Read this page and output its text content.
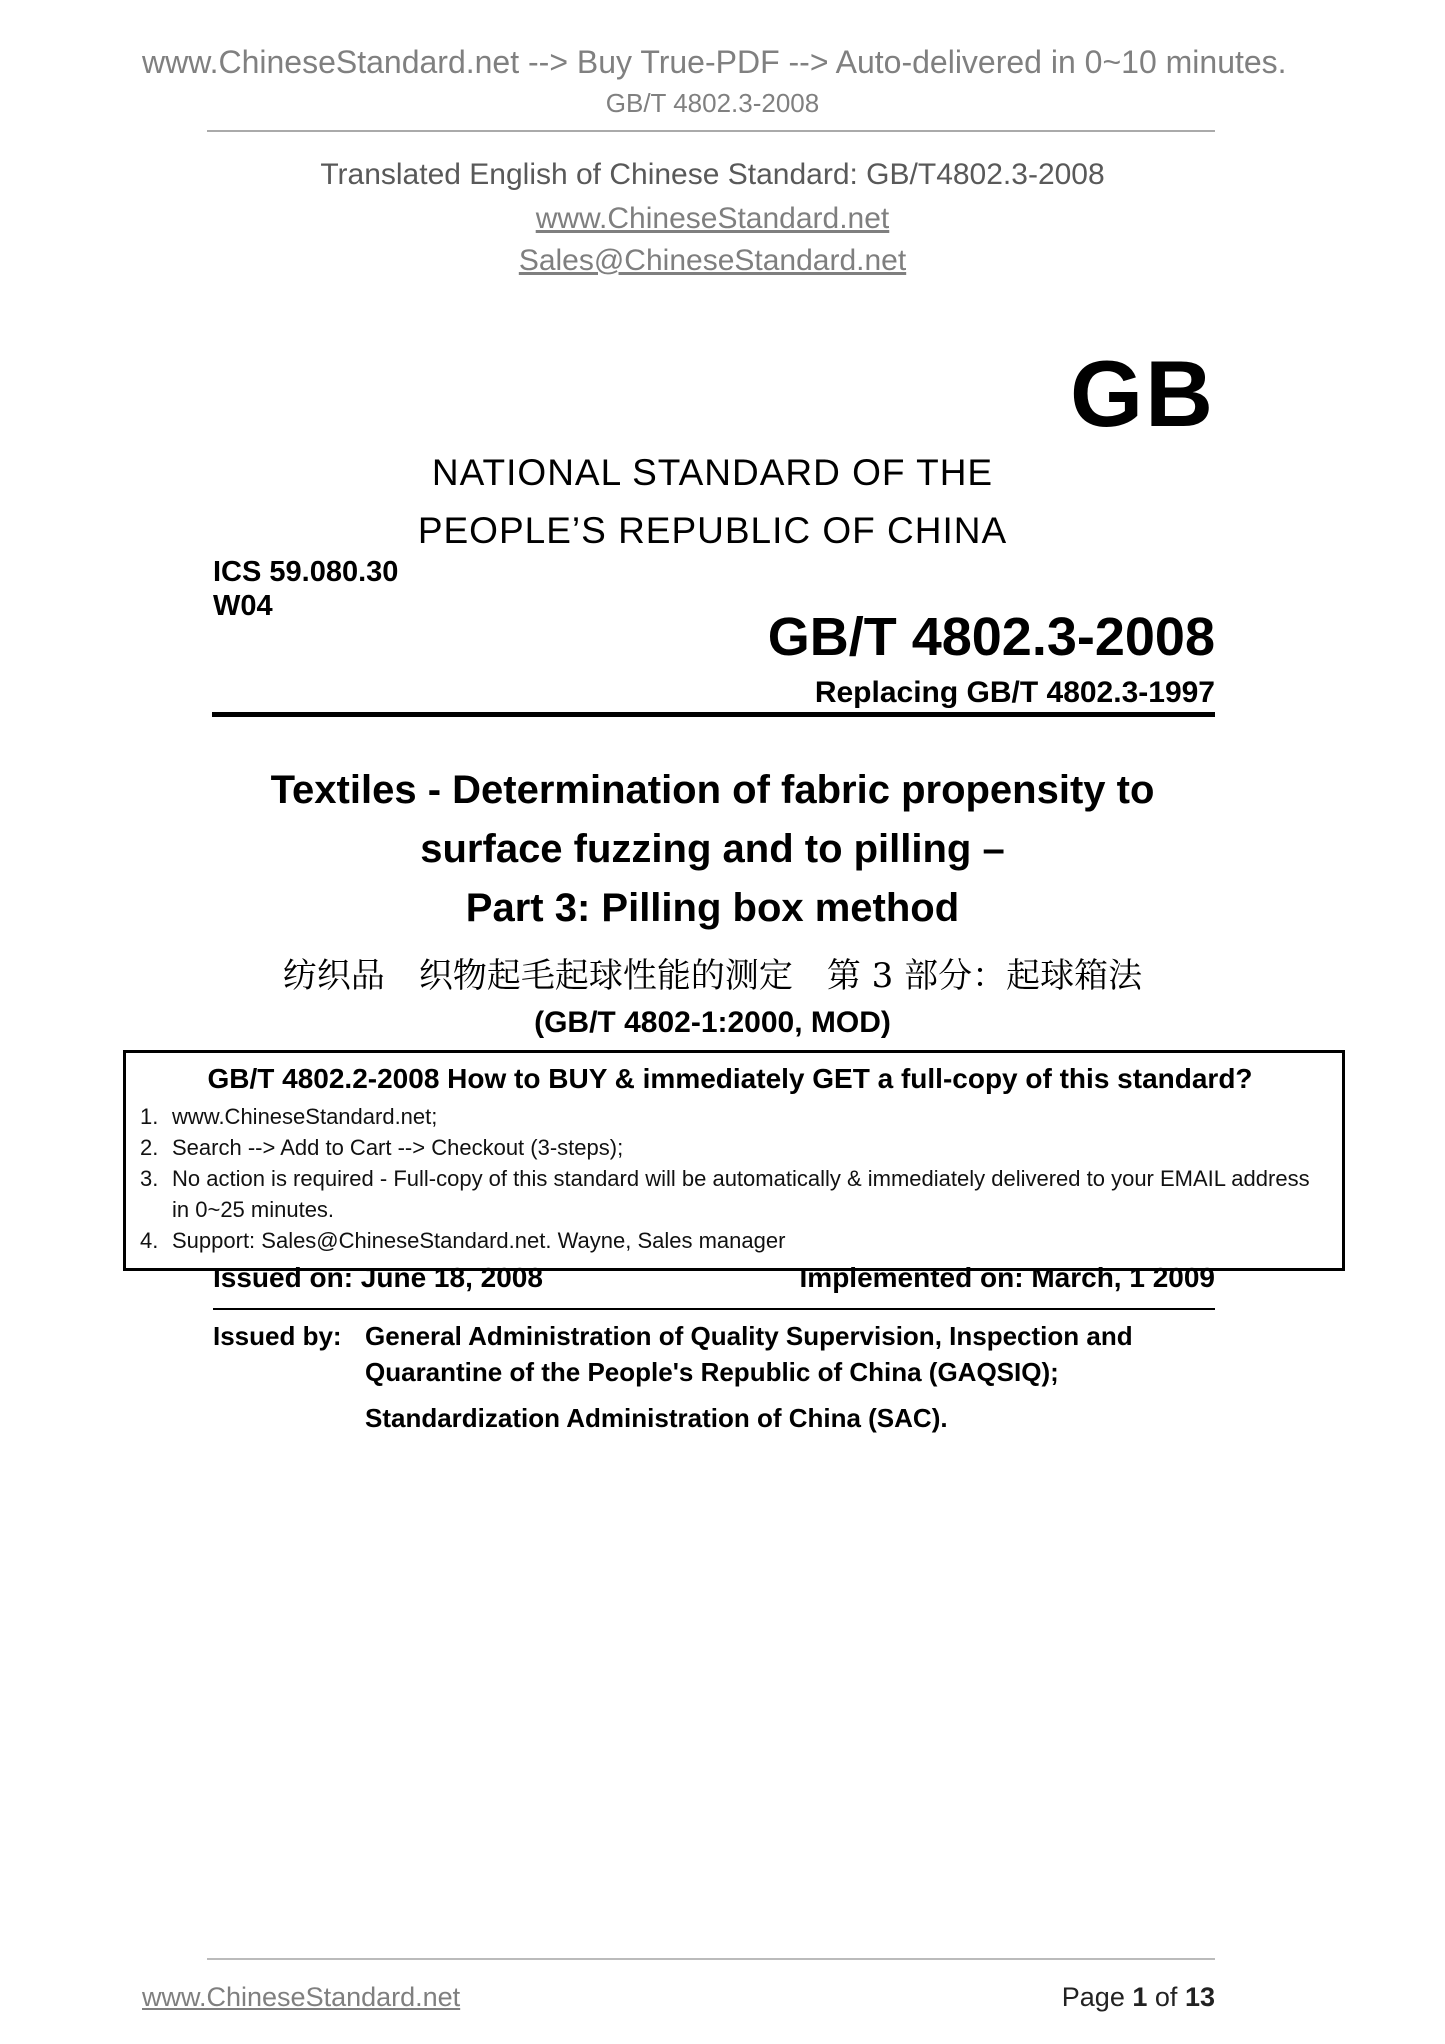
www.ChineseStandard.net --> Buy True-PDF --> Auto-delivered in 0~10 minutes.
GB/T 4802.3-2008
Translated English of Chinese Standard: GB/T4802.3-2008
www.ChineseStandard.net
Sales@ChineseStandard.net
GB
NATIONAL STANDARD OF THE
PEOPLE’S REPUBLIC OF CHINA
ICS 59.080.30
W04
GB/T 4802.3-2008
Replacing GB/T 4802.3-1997
Textiles - Determination of fabric propensity to
surface fuzzing and to pilling –
Part 3: Pilling box method
纺织品　织物起毛起球性能的测定　第 3 部分：起球箱法
(GB/T 4802-1:2000, MOD)
GB/T 4802.2-2008 How to BUY & immediately GET a full-copy of this standard?
1. www.ChineseStandard.net;
2. Search --> Add to Cart --> Checkout (3-steps);
3. No action is required - Full-copy of this standard will be automatically & immediately delivered to your EMAIL address in 0~25 minutes.
4. Support: Sales@ChineseStandard.net. Wayne, Sales manager
Issued on: June 18, 2008	Implemented on: March, 1 2009
Issued by: General Administration of Quality Supervision, Inspection and
Quarantine of the People's Republic of China (GAQSIQ);
Standardization Administration of China (SAC).
www.ChineseStandard.net	Page 1 of 13
